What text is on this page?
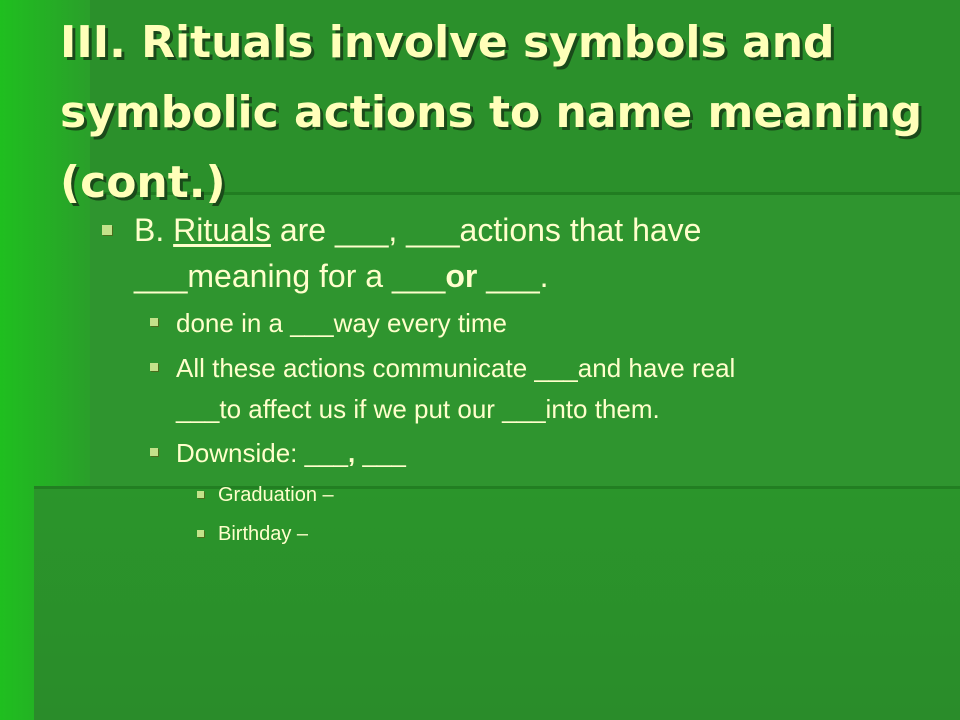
III. Rituals involve symbols and symbolic actions to name meaning (cont.)
B. Rituals are ___, ___actions that have
___meaning for a ___or ___.
done in a ___way every time
All these actions communicate ___and have real
___to affect us if we put our ___into them.
Downside: ___, ___
Graduation –
Birthday –
